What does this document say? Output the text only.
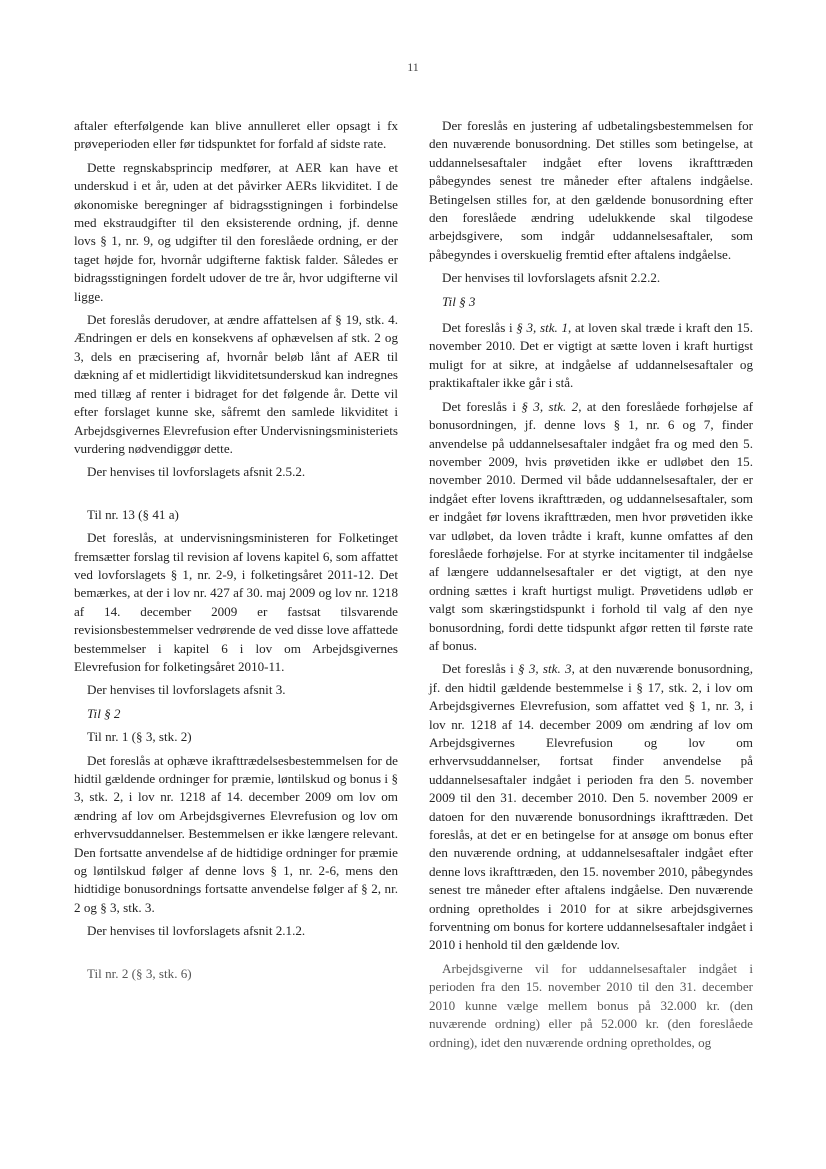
11

aftaler efterfølgende kan blive annulleret eller opsagt i fx prøveperioden eller før tidspunktet for forfald af sidste rate.

Dette regnskabsprincip medfører, at AER kan have et underskud i et år, uden at det påvirker AERs likviditet. I de økonomiske beregninger af bidragsstigningen i forbindelse med ekstraudgifter til den eksisterende ordning, jf. denne lovs § 1, nr. 9, og udgifter til den foreslåede ordning, er der taget højde for, hvornår udgifterne faktisk falder. Således er bidragsstigningen fordelt udover de tre år, hvor udgifterne vil ligge.

Det foreslås derudover, at ændre affattelsen af § 19, stk. 4. Ændringen er dels en konsekvens af ophævelsen af stk. 2 og 3, dels en præcisering af, hvornår beløb lånt af AER til dækning af et midlertidigt likviditetsunderskud kan indregnes med tillæg af renter i bidraget for det følgende år. Dette vil efter forslaget kunne ske, såfremt den samlede likviditet i Arbejdsgivernes Elevrefusion efter Undervisningsministeriets vurdering nødvendiggør dette.

Der henvises til lovforslagets afsnit 2.5.2.

Til nr. 13 (§ 41 a)

Det foreslås, at undervisningsministeren for Folketinget fremsætter forslag til revision af lovens kapitel 6, som affattet ved lovforslagets § 1, nr. 2-9, i folketingsåret 2011-12. Det bemærkes, at der i lov nr. 427 af 30. maj 2009 og lov nr. 1218 af 14. december 2009 er fastsat tilsvarende revisionsbestemmelser vedrørende de ved disse love affattede bestemmelser i kapitel 6 i lov om Arbejdsgivernes Elevrefusion for folketingsåret 2010-11.

Der henvises til lovforslagets afsnit 3.

Til § 2

Til nr. 1 (§ 3, stk. 2)

Det foreslås at ophæve ikrafttrædelsesbestemmelsen for de hidtil gældende ordninger for præmie, løntilskud og bonus i § 3, stk. 2, i lov nr. 1218 af 14. december 2009 om lov om ændring af lov om Arbejdsgivernes Elevrefusion og lov om erhvervsuddannelser. Bestemmelsen er ikke længere relevant. Den fortsatte anvendelse af de hidtidige ordninger for præmie og løntilskud følger af denne lovs § 1, nr. 2-6, mens den hidtidige bonusordnings fortsatte anvendelse følger af § 2, nr. 2 og § 3, stk. 3.

Der henvises til lovforslagets afsnit 2.1.2.

Til nr. 2 (§ 3, stk. 6)

Der foreslås en justering af udbetalingsbestemmelsen for den nuværende bonusordning. Det stilles som betingelse, at uddannelsesaftaler indgået efter lovens ikrafttræden påbegyndes senest tre måneder efter aftalens indgåelse. Betingelsen stilles for, at den gældende bonusordning efter den foreslåede ændring udelukkende skal tilgodese arbejdsgivere, som indgår uddannelsesaftaler, som påbegyndes i overskuelig fremtid efter aftalens indgåelse.

Der henvises til lovforslagets afsnit 2.2.2.

Til § 3

Det foreslås i § 3, stk. 1, at loven skal træde i kraft den 15. november 2010. Det er vigtigt at sætte loven i kraft hurtigst muligt for at sikre, at indgåelse af uddannelsesaftaler og praktikaftaler ikke går i stå.

Det foreslås i § 3, stk. 2, at den foreslåede forhøjelse af bonusordningen, jf. denne lovs § 1, nr. 6 og 7, finder anvendelse på uddannelsesaftaler indgået fra og med den 5. november 2009, hvis prøvetiden ikke er udløbet den 15. november 2010. Dermed vil både uddannelsesaftaler, der er indgået efter lovens ikrafttræden, og uddannelsesaftaler, som er indgået før lovens ikrafttræden, men hvor prøvetiden ikke var udløbet, da loven trådte i kraft, kunne omfattes af den foreslåede forhøjelse. For at styrke incitamenter til indgåelse af længere uddannelsesaftaler er det vigtigt, at den nye ordning sættes i kraft hurtigst muligt. Prøvetidens udløb er valgt som skæringstidspunkt i forhold til valg af den nye bonusordning, fordi dette tidspunkt afgør retten til første rate af bonus.

Det foreslås i § 3, stk. 3, at den nuværende bonusordning, jf. den hidtil gældende bestemmelse i § 17, stk. 2, i lov om Arbejdsgivernes Elevrefusion, som affattet ved § 1, nr. 3, i lov nr. 1218 af 14. december 2009 om ændring af lov om Arbejdsgivernes Elevrefusion og lov om erhvervsuddannelser, fortsat finder anvendelse på uddannelsesaftaler indgået i perioden fra den 5. november 2009 til den 31. december 2010. Den 5. november 2009 er datoen for den nuværende bonusordnings ikrafttræden. Det foreslås, at det er en betingelse for at ansøge om bonus efter den nuværende ordning, at uddannelsesaftaler indgået efter denne lovs ikrafttræden, den 15. november 2010, påbegyndes senest tre måneder efter aftalens indgåelse. Den nuværende ordning opretholdes i 2010 for at sikre arbejdsgivernes forventning om bonus for kortere uddannelsesaftaler indgået i 2010 i henhold til den gældende lov.

Arbejdsgiverne vil for uddannelsesaftaler indgået i perioden fra den 15. november 2010 til den 31. december 2010 kunne vælge mellem bonus på 32.000 kr. (den nuværende ordning) eller på 52.000 kr. (den foreslåede ordning), idet den nuværende ordning opretholdes, og
